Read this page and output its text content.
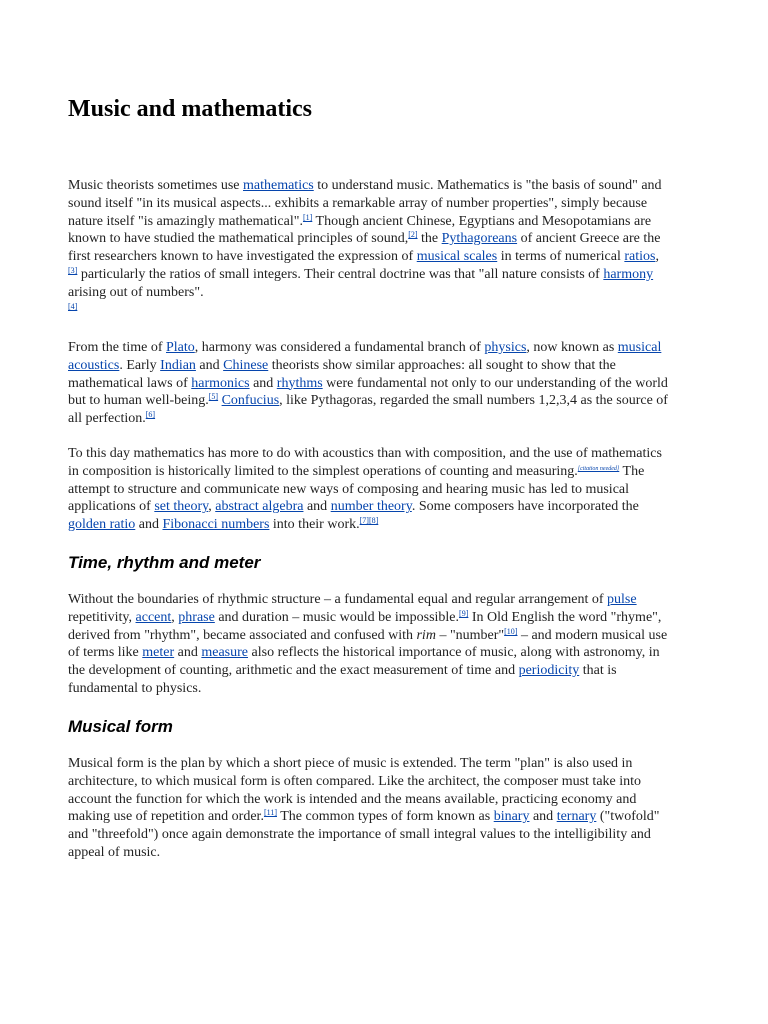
Music and mathematics

Music theorists sometimes use mathematics to understand music. Mathematics is "the basis of sound" and sound itself "in its musical aspects... exhibits a remarkable array of number properties", simply because nature itself "is amazingly mathematical".[1] Though ancient Chinese, Egyptians and Mesopotamians are known to have studied the mathematical principles of sound,[2] the Pythagoreans of ancient Greece are the first researchers known to have investigated the expression of musical scales in terms of numerical ratios,[3] particularly the ratios of small integers. Their central doctrine was that "all nature consists of harmony arising out of numbers".
[4]

From the time of Plato, harmony was considered a fundamental branch of physics, now known as musical acoustics. Early Indian and Chinese theorists show similar approaches: all sought to show that the mathematical laws of harmonics and rhythms were fundamental not only to our understanding of the world but to human well-being.[5] Confucius, like Pythagoras, regarded the small numbers 1,2,3,4 as the source of all perfection.[6]

To this day mathematics has more to do with acoustics than with composition, and the use of mathematics in composition is historically limited to the simplest operations of counting and measuring.[citation needed] The attempt to structure and communicate new ways of composing and hearing music has led to musical applications of set theory, abstract algebra and number theory. Some composers have incorporated the golden ratio and Fibonacci numbers into their work.[7][8]

Time, rhythm and meter

Without the boundaries of rhythmic structure – a fundamental equal and regular arrangement of pulse repetitivity, accent, phrase and duration – music would be impossible.[9] In Old English the word "rhyme", derived from "rhythm", became associated and confused with rim – "number"[10] – and modern musical use of terms like meter and measure also reflects the historical importance of music, along with astronomy, in the development of counting, arithmetic and the exact measurement of time and periodicity that is fundamental to physics.

Musical form

Musical form is the plan by which a short piece of music is extended. The term "plan" is also used in architecture, to which musical form is often compared. Like the architect, the composer must take into account the function for which the work is intended and the means available, practicing economy and making use of repetition and order.[11] The common types of form known as binary and ternary ("twofold" and "threefold") once again demonstrate the importance of small integral values to the intelligibility and appeal of music.
